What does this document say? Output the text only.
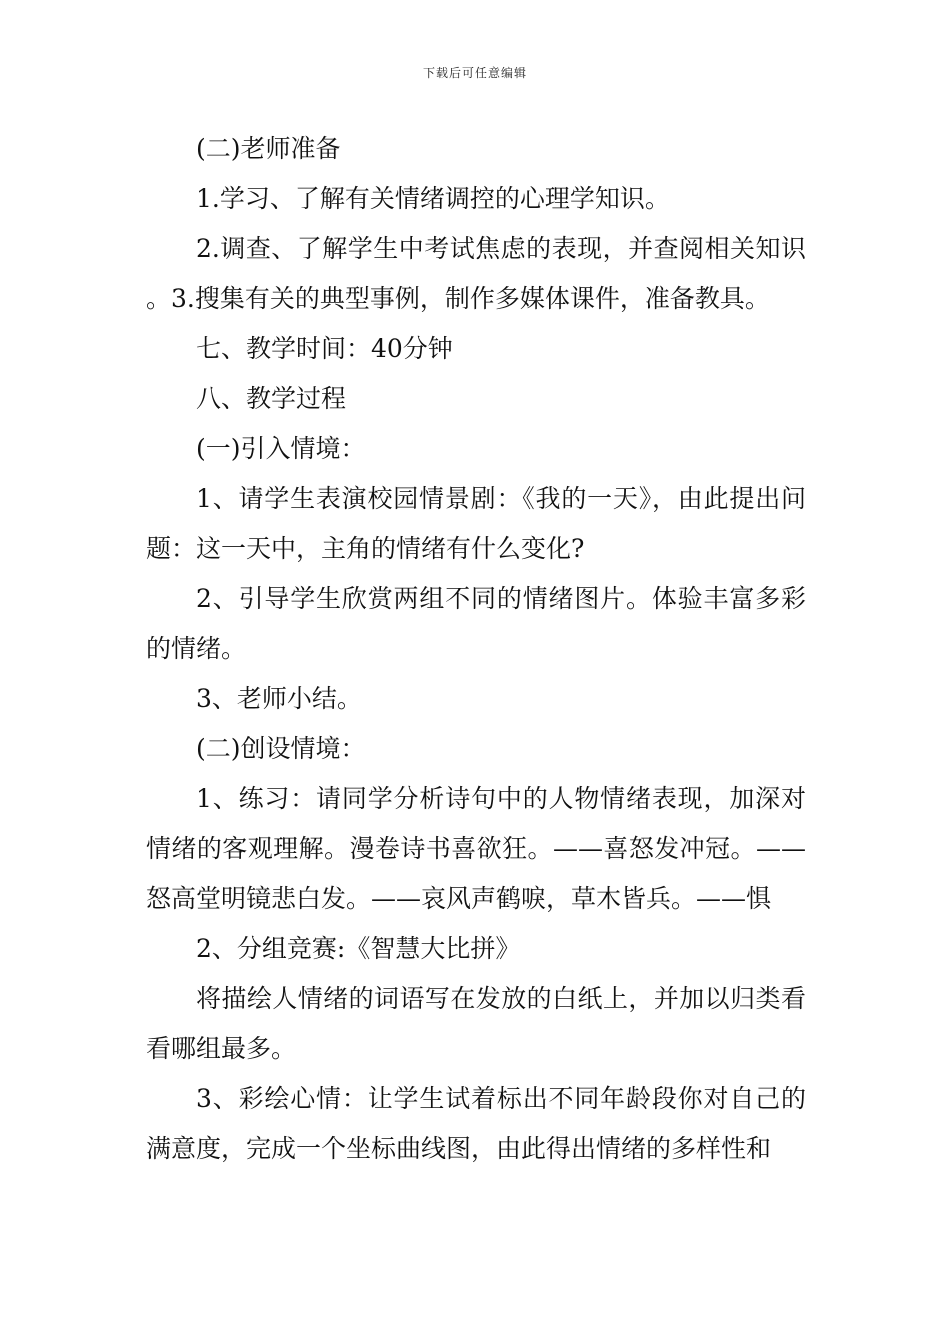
下载后可任意编辑

(二)老师准备

1.学习、了解有关情绪调控的心理学知识。

2.调查、了解学生中考试焦虑的表现，并查阅相关知识。3.搜集有关的典型事例，制作多媒体课件，准备教具。

七、教学时间：40分钟

八、教学过程

(一)引入情境：

1、请学生表演校园情景剧：《我的一天》，由此提出问题：这一天中，主角的情绪有什么变化?

2、引导学生欣赏两组不同的情绪图片。体验丰富多彩的情绪。

3、老师小结。

(二)创设情境：

1、练习：请同学分析诗句中的人物情绪表现，加深对情绪的客观理解。漫卷诗书喜欲狂。——喜怒发冲冠。——怒高堂明镜悲白发。——哀风声鹤唳，草木皆兵。——惧

2、分组竞赛:《智慧大比拼》

将描绘人情绪的词语写在发放的白纸上，并加以归类看看哪组最多。

3、彩绘心情：让学生试着标出不同年龄段你对自己的满意度，完成一个坐标曲线图，由此得出情绪的多样性和
